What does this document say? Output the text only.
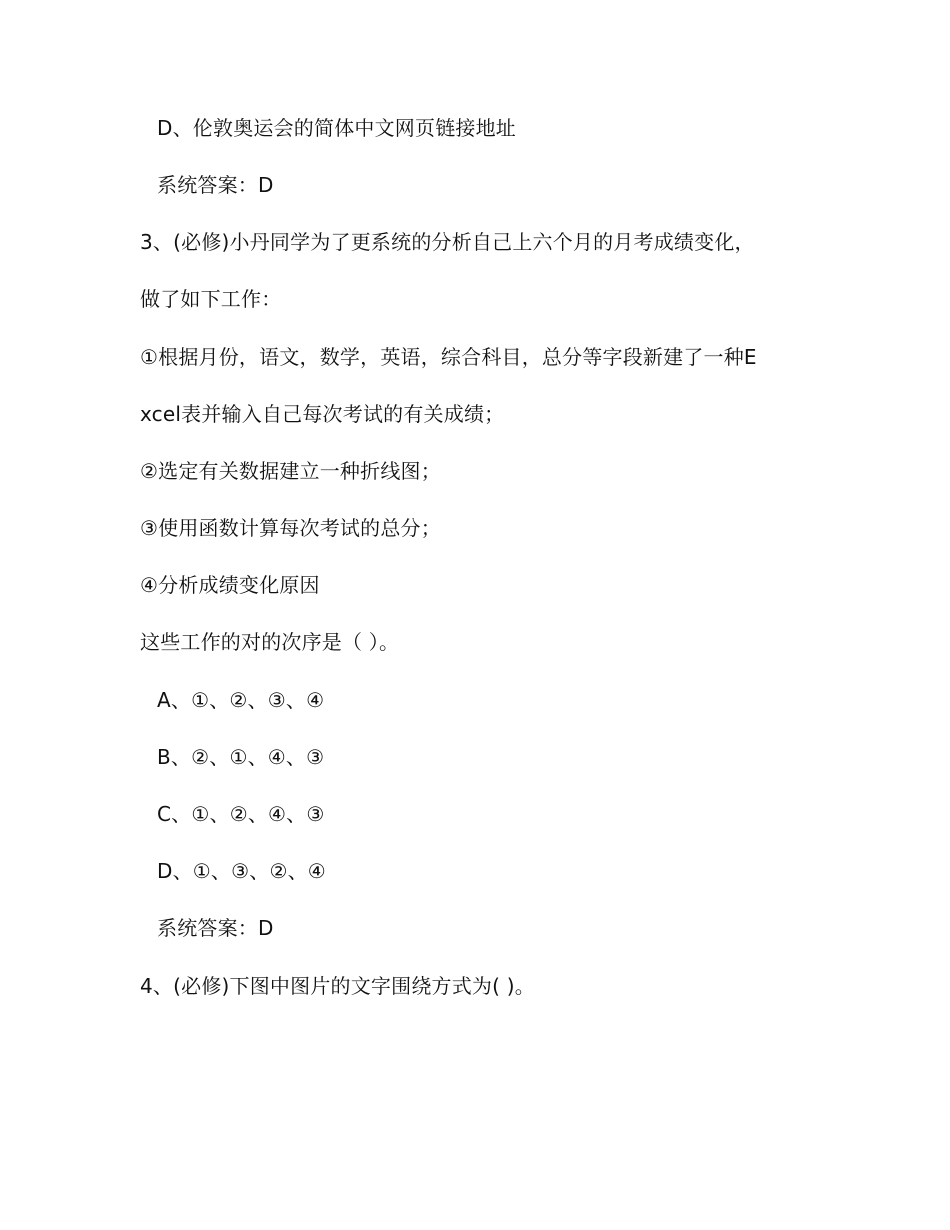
D、伦敦奥运会的简体中文网页链接地址
系统答案：D
3、(必修)小丹同学为了更系统的分析自己上六个月的月考成绩变化，
做了如下工作：
①根据月份，语文，数学，英语，综合科目，总分等字段新建了一种E
xcel表并输入自己每次考试的有关成绩；
②选定有关数据建立一种折线图；
③使用函数计算每次考试的总分；
④分析成绩变化原因
这些工作的对的次序是（ ）。
A、①、②、③、④
B、②、①、④、③
C、①、②、④、③
D、①、③、②、④
系统答案：D
4、(必修)下图中图片的文字围绕方式为( )。
